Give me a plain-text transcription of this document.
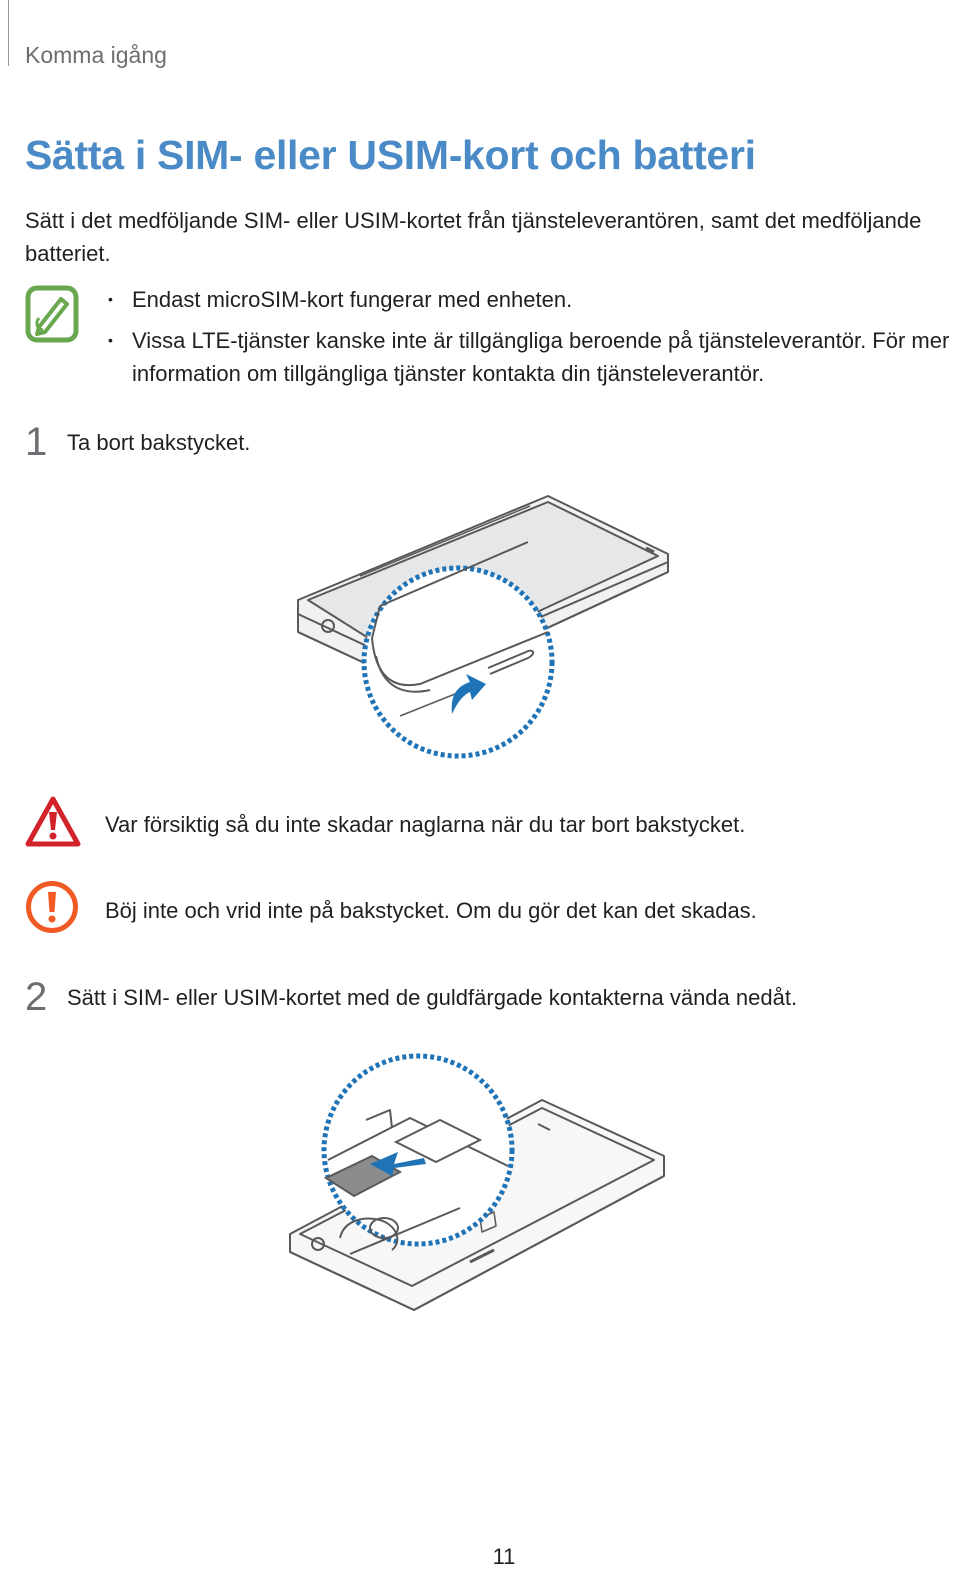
Komma igång
Sätta i SIM- eller USIM-kort och batteri
Sätt i det medföljande SIM- eller USIM-kortet från tjänsteleverantören, samt det medföljande batteriet.
• Endast microSIM-kort fungerar med enheten.
• Vissa LTE-tjänster kanske inte är tillgängliga beroende på tjänsteleverantör. För mer
information om tillgängliga tjänster kontakta din tjänsteleverantör.
1 Ta bort bakstycket.
Var försiktig så du inte skadar naglarna när du tar bort bakstycket.
Böj inte och vrid inte på bakstycket. Om du gör det kan det skadas.
2 Sätt i SIM- eller USIM-kortet med de guldfärgade kontakterna vända nedåt.
11
